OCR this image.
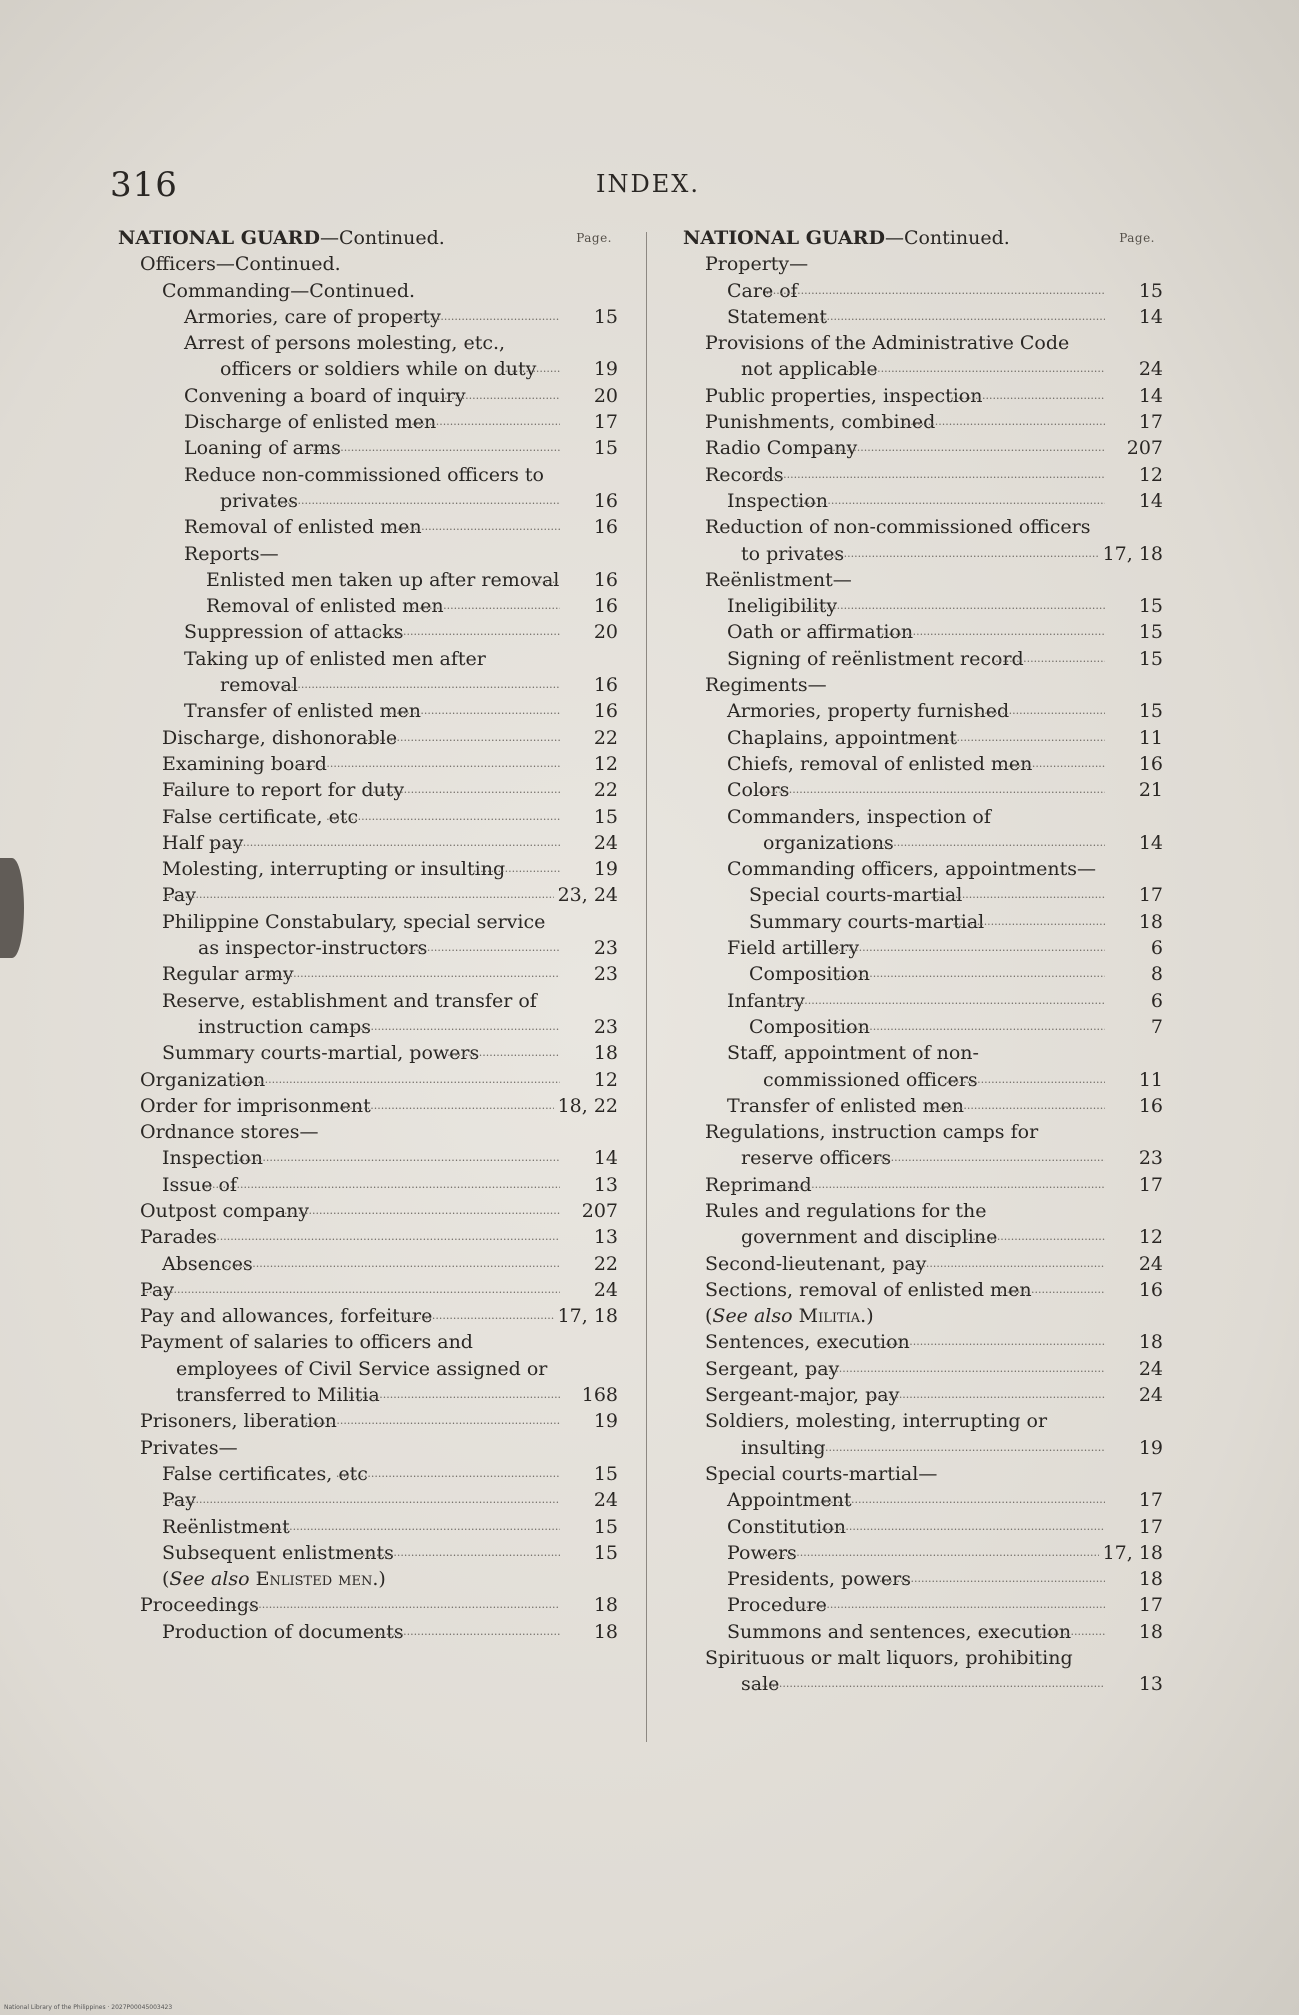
316	INDEX.
Page.
NATIONAL GUARD—Continued.
Officers—Continued.
Commanding—Continued.
Armories, care of property .....	15
Arrest of persons molesting, etc., officers or soldiers while on duty .....	19
Convening a board of inquiry .....	20
Discharge of enlisted men .....	17
Loaning of arms .....	15
Reduce non-commissioned officers to privates .....	16
Removal of enlisted men .....	16
Reports—
Enlisted men taken up after removal .....	16
Removal of enlisted men .....	16
Suppression of attacks .....	20
Taking up of enlisted men after removal .....	16
Transfer of enlisted men .....	16
Discharge, dishonorable .....	22
Examining board .....	12
Failure to report for duty .....	22
False certificate, etc .....	15
Half pay .....	24
Molesting, interrupting or insulting .....	19
Pay .....	23, 24
Philippine Constabulary, special service as inspector-instructors .....	23
Regular army .....	23
Reserve, establishment and transfer of instruction camps .....	23
Summary courts-martial, powers .....	18
Organization .....	12
Order for imprisonment .....	18, 22
Ordnance stores—
Inspection .....	14
Issue of .....	13
Outpost company .....	207
Parades .....	13
Absences .....	22
Pay .....	24
Pay and allowances, forfeiture .....	17, 18
Payment of salaries to officers and employees of Civil Service assigned or transferred to Militia .....	168
Prisoners, liberation .....	19
Privates—
False certificates, etc .....	15
Pay .....	24
Reënlistment .....	15
Subsequent enlistments .....	15
(See also Enlisted men.)
Proceedings .....	18
Production of documents .....	18
Page.
NATIONAL GUARD—Continued.
Property—
Care of .....	15
Statement .....	14
Provisions of the Administrative Code not applicable .....	24
Public properties, inspection .....	14
Punishments, combined .....	17
Radio Company .....	207
Records .....	12
Inspection .....	14
Reduction of non-commissioned officers to privates .....	17, 18
Reënlistment—
Ineligibility .....	15
Oath or affirmation .....	15
Signing of reënlistment record .....	15
Regiments—
Armories, property furnished .....	15
Chaplains, appointment .....	11
Chiefs, removal of enlisted men .....	16
Colors .....	21
Commanders, inspection of organizations .....	14
Commanding officers, appointments—
Special courts-martial .....	17
Summary courts-martial .....	18
Field artillery .....	6
Composition .....	8
Infantry .....	6
Composition .....	7
Staff, appointment of non-commissioned officers .....	11
Transfer of enlisted men .....	16
Regulations, instruction camps for reserve officers .....	23
Reprimand .....	17
Rules and regulations for the government and discipline .....	12
Second-lieutenant, pay .....	24
Sections, removal of enlisted men .....	16
(See also Militia.)
Sentences, execution .....	18
Sergeant, pay .....	24
Sergeant-major, pay .....	24
Soldiers, molesting, interrupting or insulting .....	19
Special courts-martial—
Appointment .....	17
Constitution .....	17
Powers .....	17, 18
Presidents, powers .....	18
Procedure .....	17
Summons and sentences, execution .....	18
Spirituous or malt liquors, prohibiting sale .....	13
National Library of the Philippines · 2027P00045003423
